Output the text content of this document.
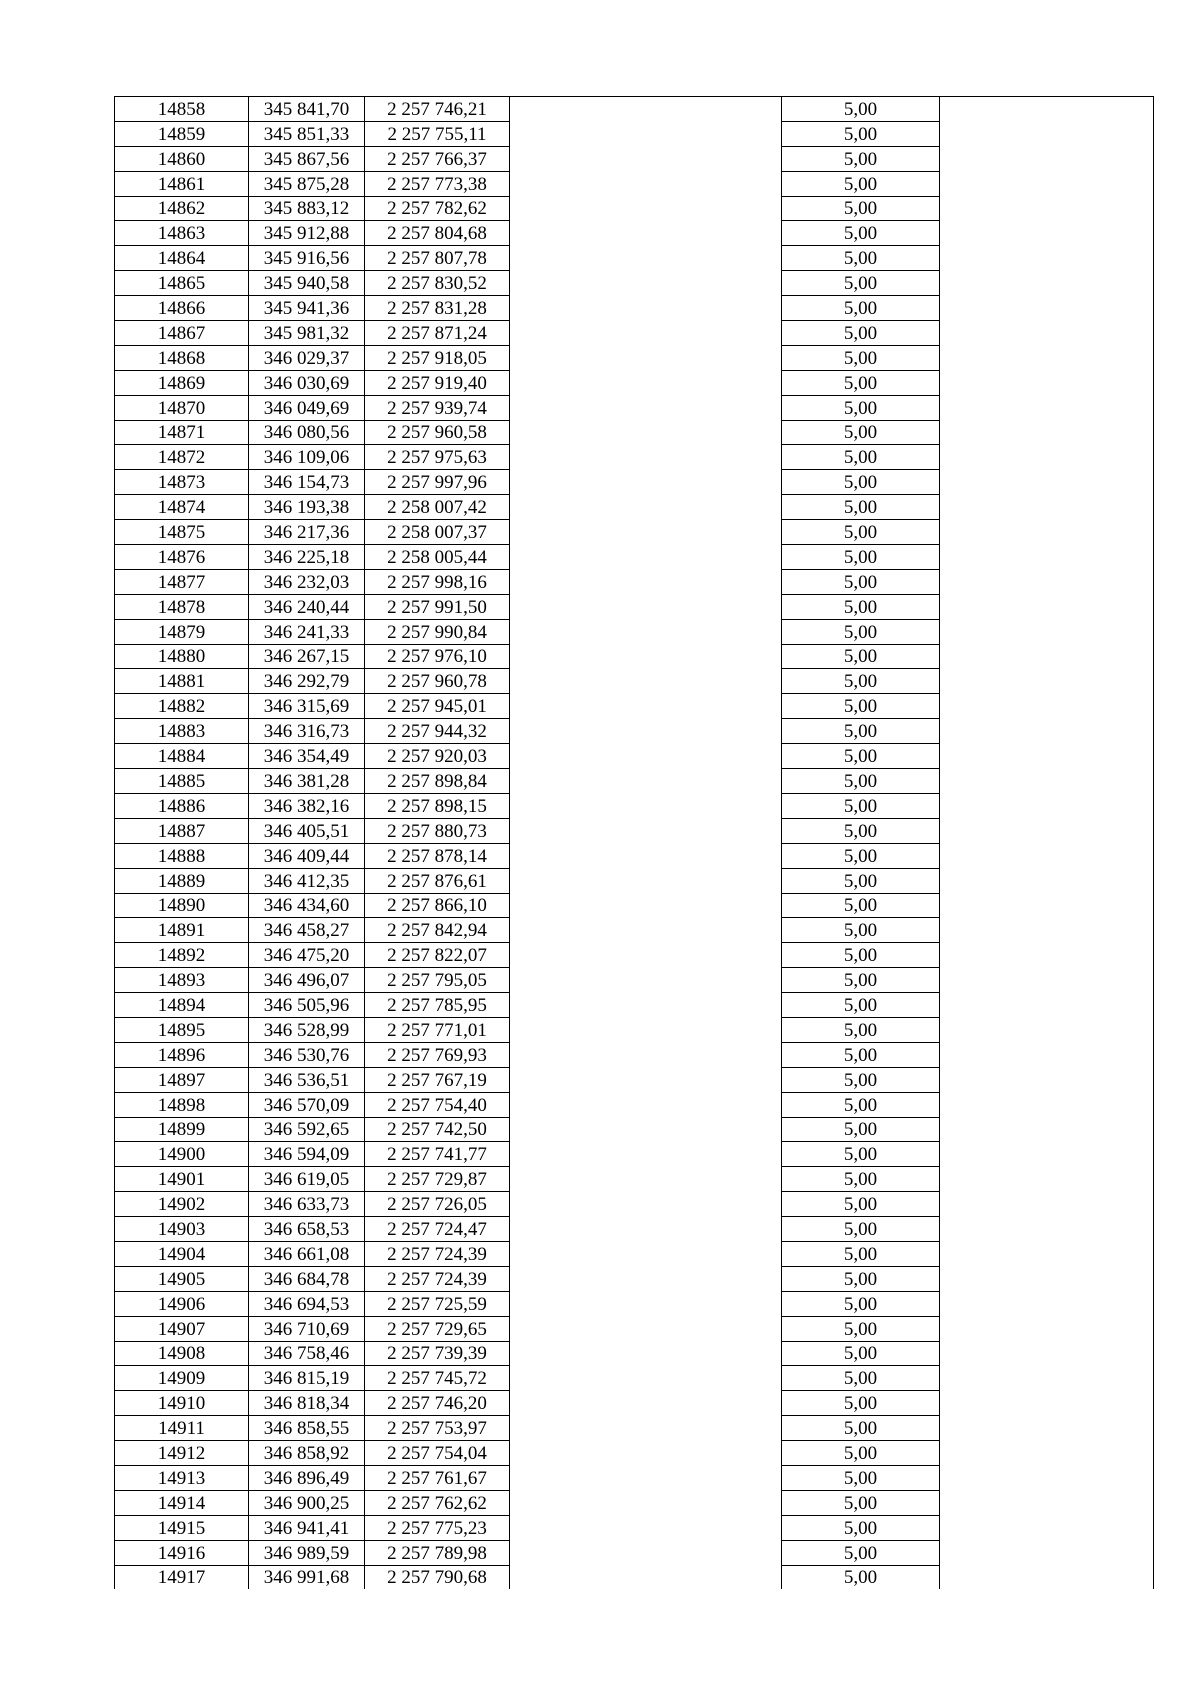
14858	345 841,70	2 257 746,21		5,00	
14859	345 851,33	2 257 755,11		5,00	
14860	345 867,56	2 257 766,37		5,00	
14861	345 875,28	2 257 773,38		5,00	
14862	345 883,12	2 257 782,62		5,00	
14863	345 912,88	2 257 804,68		5,00	
14864	345 916,56	2 257 807,78		5,00	
14865	345 940,58	2 257 830,52		5,00	
14866	345 941,36	2 257 831,28		5,00	
14867	345 981,32	2 257 871,24		5,00	
14868	346 029,37	2 257 918,05		5,00	
14869	346 030,69	2 257 919,40		5,00	
14870	346 049,69	2 257 939,74		5,00	
14871	346 080,56	2 257 960,58		5,00	
14872	346 109,06	2 257 975,63		5,00	
14873	346 154,73	2 257 997,96		5,00	
14874	346 193,38	2 258 007,42		5,00	
14875	346 217,36	2 258 007,37		5,00	
14876	346 225,18	2 258 005,44		5,00	
14877	346 232,03	2 257 998,16		5,00	
14878	346 240,44	2 257 991,50		5,00	
14879	346 241,33	2 257 990,84		5,00	
14880	346 267,15	2 257 976,10		5,00	
14881	346 292,79	2 257 960,78		5,00	
14882	346 315,69	2 257 945,01		5,00	
14883	346 316,73	2 257 944,32		5,00	
14884	346 354,49	2 257 920,03		5,00	
14885	346 381,28	2 257 898,84		5,00	
14886	346 382,16	2 257 898,15		5,00	
14887	346 405,51	2 257 880,73		5,00	
14888	346 409,44	2 257 878,14		5,00	
14889	346 412,35	2 257 876,61		5,00	
14890	346 434,60	2 257 866,10		5,00	
14891	346 458,27	2 257 842,94		5,00	
14892	346 475,20	2 257 822,07		5,00	
14893	346 496,07	2 257 795,05		5,00	
14894	346 505,96	2 257 785,95		5,00	
14895	346 528,99	2 257 771,01		5,00	
14896	346 530,76	2 257 769,93		5,00	
14897	346 536,51	2 257 767,19		5,00	
14898	346 570,09	2 257 754,40		5,00	
14899	346 592,65	2 257 742,50		5,00	
14900	346 594,09	2 257 741,77		5,00	
14901	346 619,05	2 257 729,87		5,00	
14902	346 633,73	2 257 726,05		5,00	
14903	346 658,53	2 257 724,47		5,00	
14904	346 661,08	2 257 724,39		5,00	
14905	346 684,78	2 257 724,39		5,00	
14906	346 694,53	2 257 725,59		5,00	
14907	346 710,69	2 257 729,65		5,00	
14908	346 758,46	2 257 739,39		5,00	
14909	346 815,19	2 257 745,72		5,00	
14910	346 818,34	2 257 746,20		5,00	
14911	346 858,55	2 257 753,97		5,00	
14912	346 858,92	2 257 754,04		5,00	
14913	346 896,49	2 257 761,67		5,00	
14914	346 900,25	2 257 762,62		5,00	
14915	346 941,41	2 257 775,23		5,00	
14916	346 989,59	2 257 789,98		5,00	
14917	346 991,68	2 257 790,68		5,00	
